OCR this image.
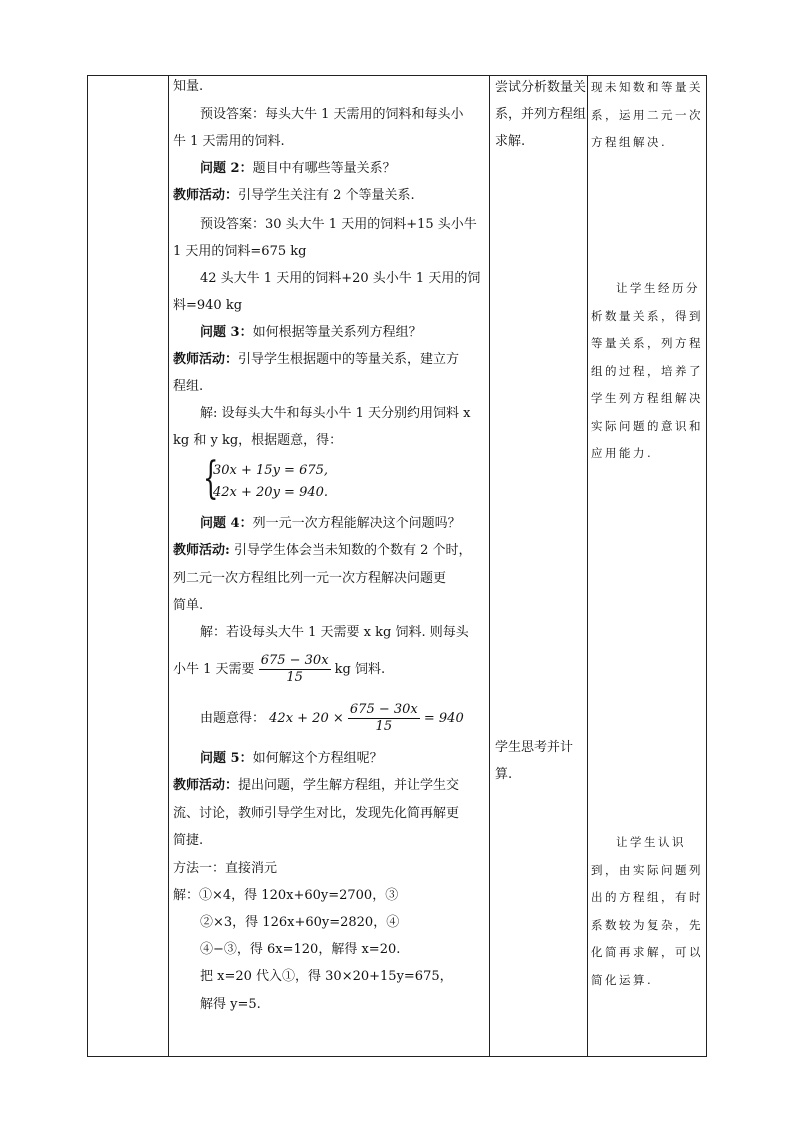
知量.
预设答案：每头大牛 1 天需用的饲料和每头小
牛 1 天需用的饲料.
问题 2：题目中有哪些等量关系？
教师活动：引导学生关注有 2 个等量关系.
预设答案：30 头大牛 1 天用的饲料+15 头小牛
1 天用的饲料=675 kg
42 头大牛 1 天用的饲料+20 头小牛 1 天用的饲
料=940 kg
问题 3：如何根据等量关系列方程组？
教师活动：引导学生根据题中的等量关系，建立方
程组.
解: 设每头大牛和每头小牛 1 天分别约用饲料 x
kg 和 y kg，根据题意，得：
{
30x + 15y = 675,
42x + 20y = 940.
问题 4：列一元一次方程能解决这个问题吗？
教师活动: 引导学生体会当未知数的个数有 2 个时，
列二元一次方程组比列一元一次方程解决问题更
简单.
解：若设每头大牛 1 天需要 x kg 饲料. 则每头
小牛 1 天需要 $\frac{675 - 30x}{15}$ kg 饲料.
由题意得： $42x + 20 \times \frac{675 - 30x}{15} = 940$
问题 5：如何解这个方程组呢？
教师活动：提出问题，学生解方程组，并让学生交
流、讨论，教师引导学生对比，发现先化简再解更
简捷.
方法一：直接消元
解：①×4，得 120x+60y=2700，③
②×3，得 126x+60y=2820，④
④−③，得 6x=120，解得 x=20.
把 x=20 代入①，得 30×20+15y=675，
解得 y=5.
尝试分析数量关系，并列方程组求解.
学生思考并计算.
现未知数和等量关系，运用二元一次方程组解决.
让学生经历分析数量关系，得到等量关系，列方程组的过程，培养了学生列方程组解决实际问题的意识和应用能力.
让学生认识到，由实际问题列出的方程组，有时系数较为复杂，先化简再求解，可以简化运算.
